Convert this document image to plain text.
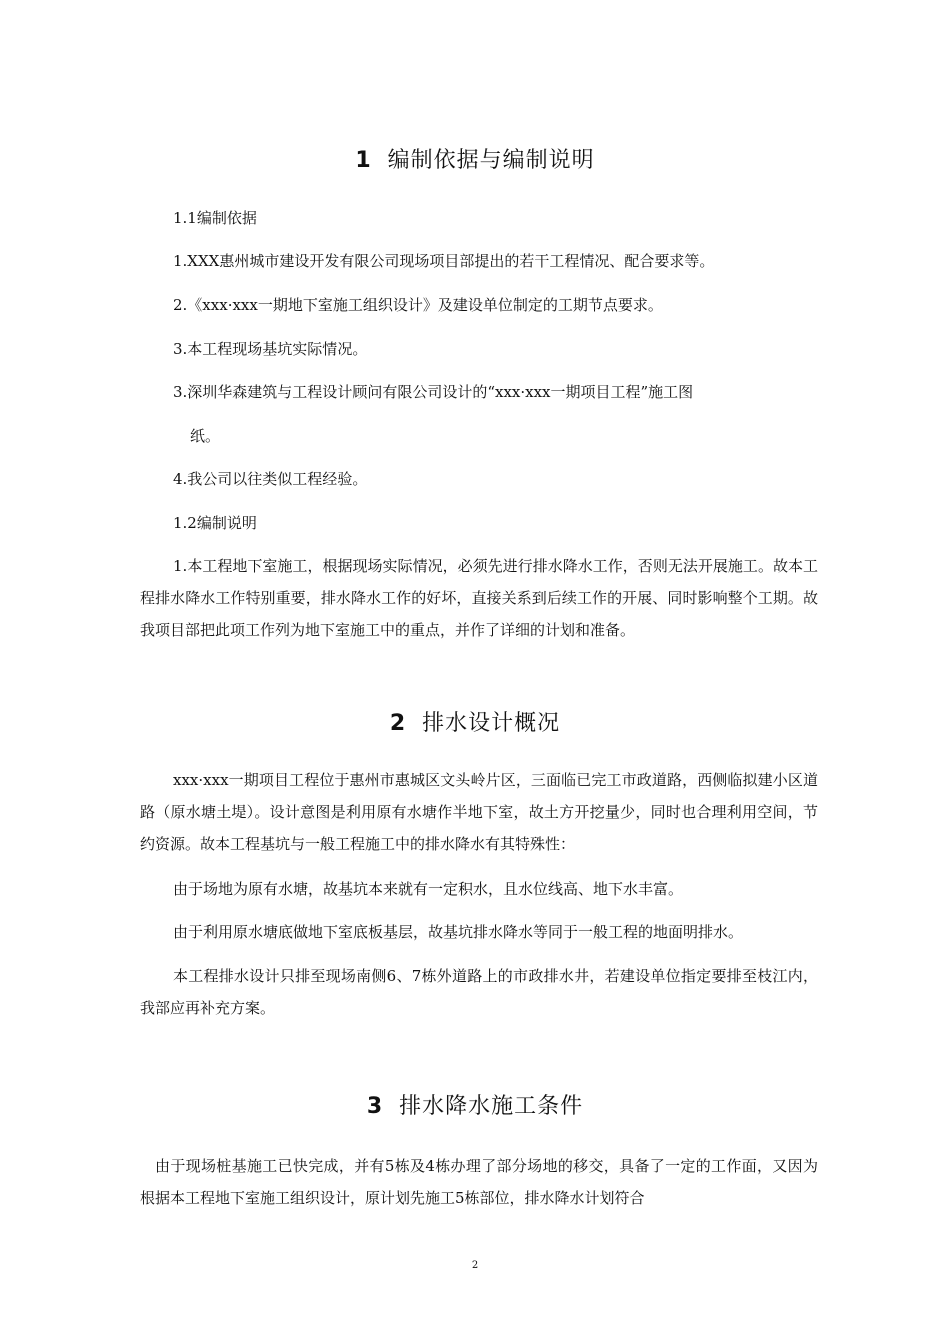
1 编制依据与编制说明
1.1编制依据
1.XXX惠州城市建设开发有限公司现场项目部提出的若干工程情况、配合要求等。
2.《xxx·xxx一期地下室施工组织设计》及建设单位制定的工期节点要求。
3.本工程现场基坑实际情况。
3.深圳华森建筑与工程设计顾问有限公司设计的“xxx·xxx一期项目工程”施工图
纸。
4.我公司以往类似工程经验。
1.2编制说明
1.本工程地下室施工，根据现场实际情况，必须先进行排水降水工作，否则无法开展施工。故本工程排水降水工作特别重要，排水降水工作的好坏，直接关系到后续工作的开展、同时影响整个工期。故我项目部把此项工作列为地下室施工中的重点，并作了详细的计划和准备。
2 排水设计概况
xxx·xxx一期项目工程位于惠州市惠城区文头岭片区，三面临已完工市政道路，西侧临拟建小区道路（原水塘土堤）。设计意图是利用原有水塘作半地下室，故土方开挖量少，同时也合理利用空间，节约资源。故本工程基坑与一般工程施工中的排水降水有其特殊性：
由于场地为原有水塘，故基坑本来就有一定积水，且水位线高、地下水丰富。
由于利用原水塘底做地下室底板基层，故基坑排水降水等同于一般工程的地面明排水。
本工程排水设计只排至现场南侧6、7栋外道路上的市政排水井，若建设单位指定要排至枝江内，我部应再补充方案。
3 排水降水施工条件
由于现场桩基施工已快完成，并有5栋及4栋办理了部分场地的移交，具备了一定的工作面，又因为根据本工程地下室施工组织设计，原计划先施工5栋部位，排水降水计划符合
2
